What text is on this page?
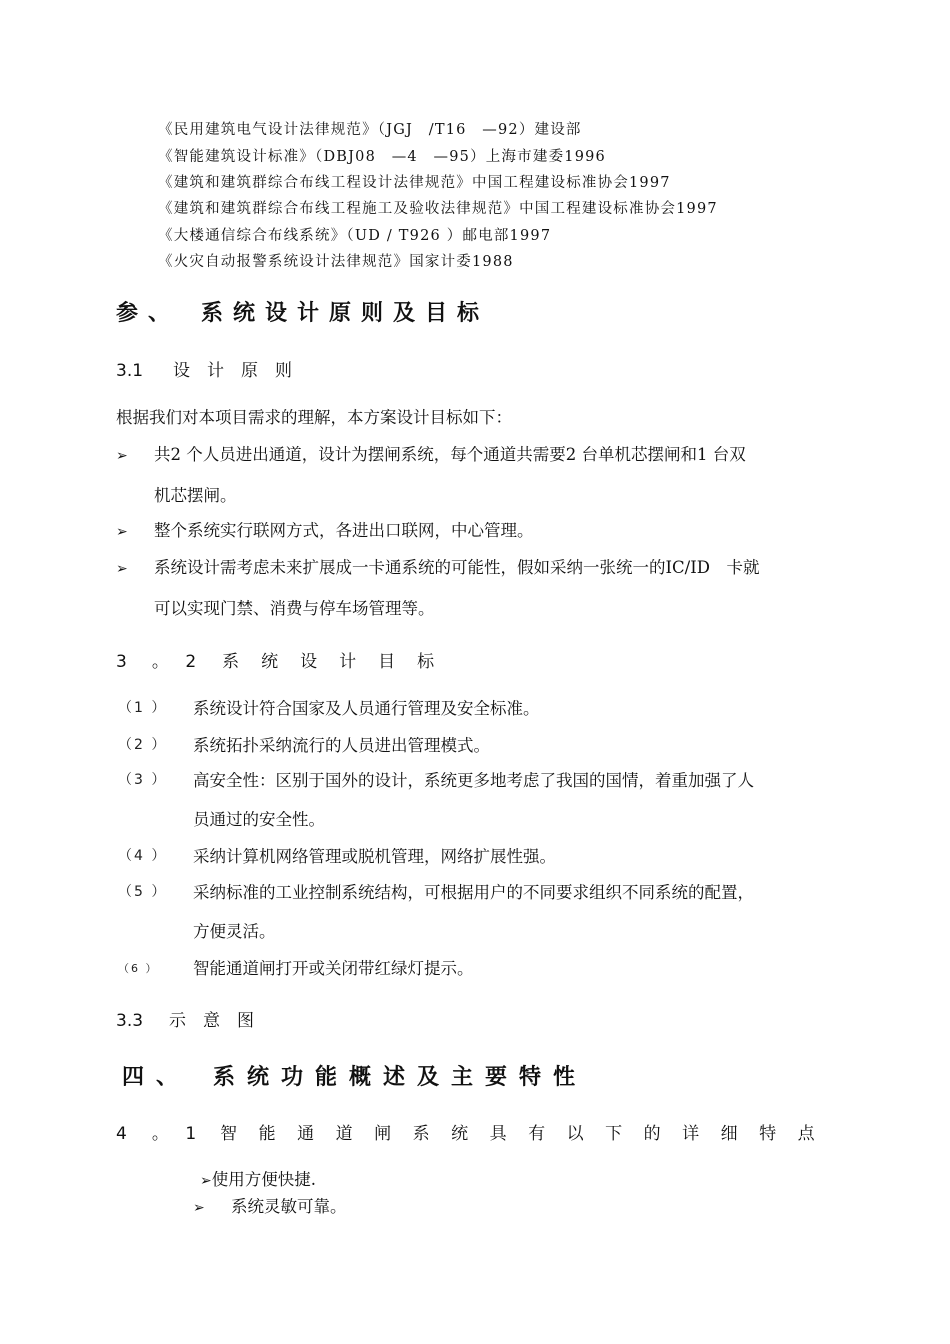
《民用建筑电气设计法律规范》（JGJ　/T16　—92）建设部
《智能建筑设计标准》（DBJ08　—4　—95）上海市建委1996
《建筑和建筑群综合布线工程设计法律规范》中国工程建设标准协会1997
《建筑和建筑群综合布线工程施工及验收法律规范》中国工程建设标准协会1997
《大楼通信综合布线系统》（UD / T926 ）邮电部1997
《火灾自动报警系统设计法律规范》国家计委1988
参、　系统设计原则及目标
3.1 设计原则
根据我们对本项目需求的理解，本方案设计目标如下：
➢ 共2 个人员进出通道，设计为摆闸系统，每个通道共需要2 台单机芯摆闸和1 台双
机芯摆闸。
➢ 整个系统实行联网方式，各进出口联网，中心管理。
➢ 系统设计需考虑未来扩展成一卡通系统的可能性，假如采纳一张统一的IC/ID　卡就
可以实现门禁、消费与停车场管理等。
3　。　2 系统设计目标
（1 ） 系统设计符合国家及人员通行管理及安全标准。
（2 ） 系统拓扑采纳流行的人员进出管理模式。
（3 ） 高安全性：区别于国外的设计，系统更多地考虑了我国的国情，着重加强了人
员通过的安全性。
（4 ） 采纳计算机网络管理或脱机管理，网络扩展性强。
（5 ） 采纳标准的工业控制系统结构，可根据用户的不同要求组织不同系统的配置，
方便灵活。
（6 ） 智能通道闸打开或关闭带红绿灯提示。
3.3 示意图
四、　系统功能概述及主要特性
4　。　1 智能通道闸系统具有以下的详细特点
➢使用方便快捷.
➢ 系统灵敏可靠。
